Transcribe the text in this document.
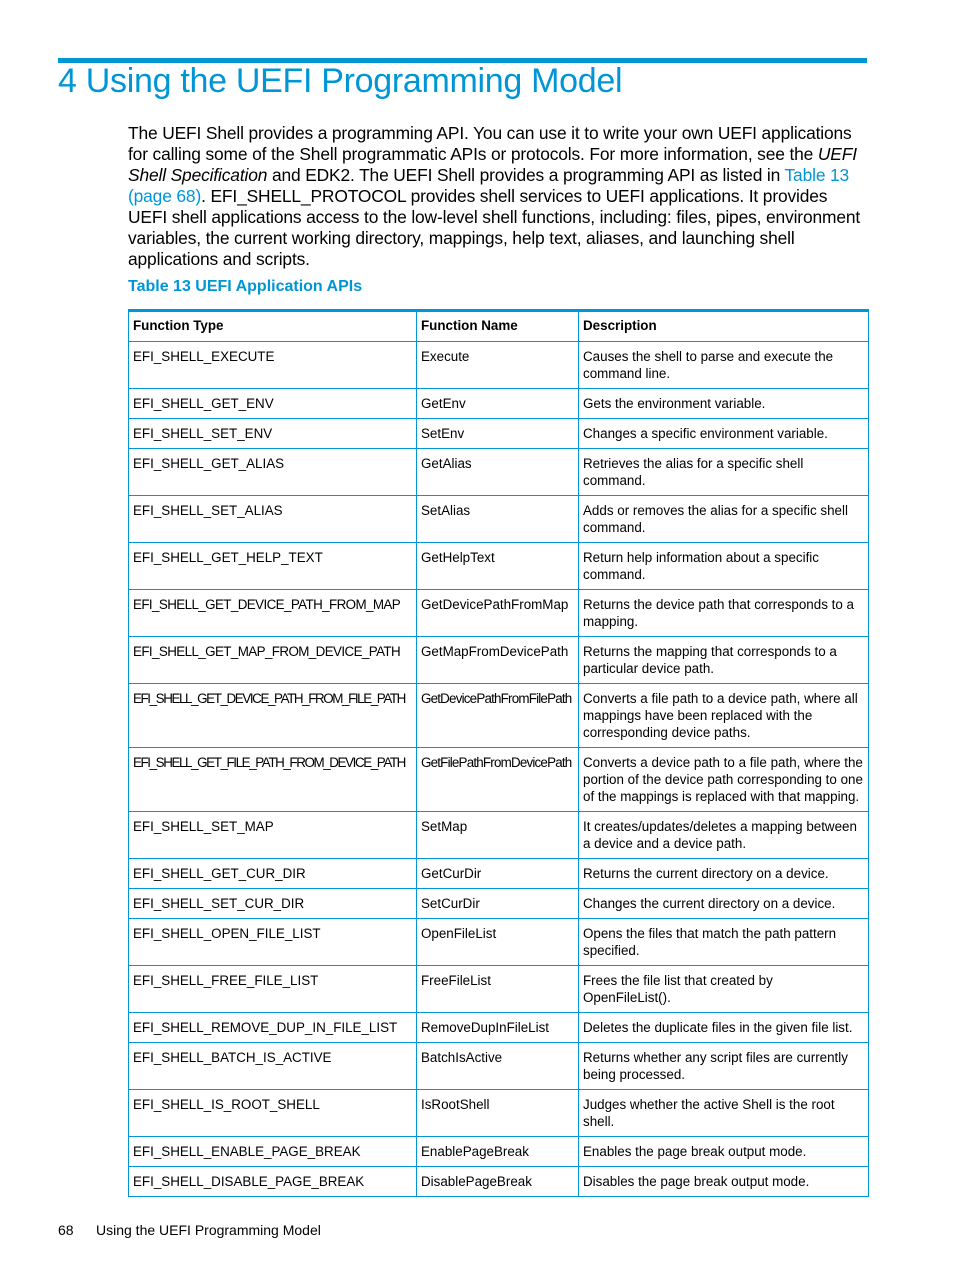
4 Using the UEFI Programming Model

The UEFI Shell provides a programming API. You can use it to write your own UEFI applications for calling some of the Shell programmatic APIs or protocols. For more information, see the UEFI Shell Specification and EDK2. The UEFI Shell provides a programming API as listed in Table 13 (page 68). EFI_SHELL_PROTOCOL provides shell services to UEFI applications. It provides UEFI shell applications access to the low-level shell functions, including: files, pipes, environment variables, the current working directory, mappings, help text, aliases, and launching shell applications and scripts.

Table 13 UEFI Application APIs
Function Type	Function Name	Description
EFI_SHELL_EXECUTE	Execute	Causes the shell to parse and execute the command line.
EFI_SHELL_GET_ENV	GetEnv	Gets the environment variable.
EFI_SHELL_SET_ENV	SetEnv	Changes a specific environment variable.
EFI_SHELL_GET_ALIAS	GetAlias	Retrieves the alias for a specific shell command.
EFI_SHELL_SET_ALIAS	SetAlias	Adds or removes the alias for a specific shell command.
EFI_SHELL_GET_HELP_TEXT	GetHelpText	Return help information about a specific command.
EFI_SHELL_GET_DEVICE_PATH_FROM_MAP	GetDevicePathFromMap	Returns the device path that corresponds to a mapping.
EFI_SHELL_GET_MAP_FROM_DEVICE_PATH	GetMapFromDevicePath	Returns the mapping that corresponds to a particular device path.
EFI_SHELL_GET_DEVICE_PATH_FROM_FILE_PATH	GetDevicePathFromFilePath	Converts a file path to a device path, where all mappings have been replaced with the corresponding device paths.
EFI_SHELL_GET_FILE_PATH_FROM_DEVICE_PATH	GetFilePathFromDevicePath	Converts a device path to a file path, where the portion of the device path corresponding to one of the mappings is replaced with that mapping.
EFI_SHELL_SET_MAP	SetMap	It creates/updates/deletes a mapping between a device and a device path.
EFI_SHELL_GET_CUR_DIR	GetCurDir	Returns the current directory on a device.
EFI_SHELL_SET_CUR_DIR	SetCurDir	Changes the current directory on a device.
EFI_SHELL_OPEN_FILE_LIST	OpenFileList	Opens the files that match the path pattern specified.
EFI_SHELL_FREE_FILE_LIST	FreeFileList	Frees the file list that created by OpenFileList().
EFI_SHELL_REMOVE_DUP_IN_FILE_LIST	RemoveDupInFileList	Deletes the duplicate files in the given file list.
EFI_SHELL_BATCH_IS_ACTIVE	BatchIsActive	Returns whether any script files are currently being processed.
EFI_SHELL_IS_ROOT_SHELL	IsRootShell	Judges whether the active Shell is the root shell.
EFI_SHELL_ENABLE_PAGE_BREAK	EnablePageBreak	Enables the page break output mode.
EFI_SHELL_DISABLE_PAGE_BREAK	DisablePageBreak	Disables the page break output mode.
68 Using the UEFI Programming Model
